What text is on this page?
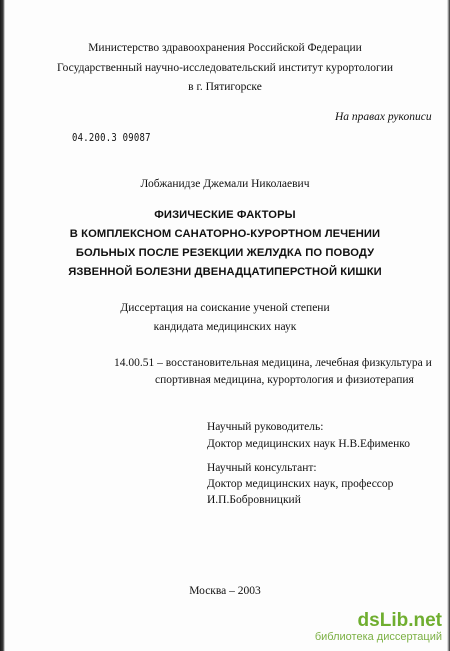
Министерство здравоохранения Российской Федерации
Государственный научно-исследовательский институт курортологии
в г. Пятигорске
На правах рукописи
04.200.3 09087
Лобжанидзе Джемали Николаевич
ФИЗИЧЕСКИЕ ФАКТОРЫ
В КОМПЛЕКСНОМ САНАТОРНО-КУРОРТНОМ ЛЕЧЕНИИ
БОЛЬНЫХ ПОСЛЕ РЕЗЕКЦИИ ЖЕЛУДКА ПО ПОВОДУ
ЯЗВЕННОЙ БОЛЕЗНИ ДВЕНАДЦАТИПЕРСТНОЙ КИШКИ
Диссертация на соискание ученой степени
кандидата медицинских наук
14.00.51 – восстановительная медицина, лечебная физкультура и
спортивная медицина, курортология и физиотерапия
Научный руководитель:
Доктор медицинских наук Н.В.Ефименко
Научный консультант:
Доктор медицинских наук, профессор
И.П.Бобровницкий
Москва – 2003
dsLib.net
библиотека диссертаций
